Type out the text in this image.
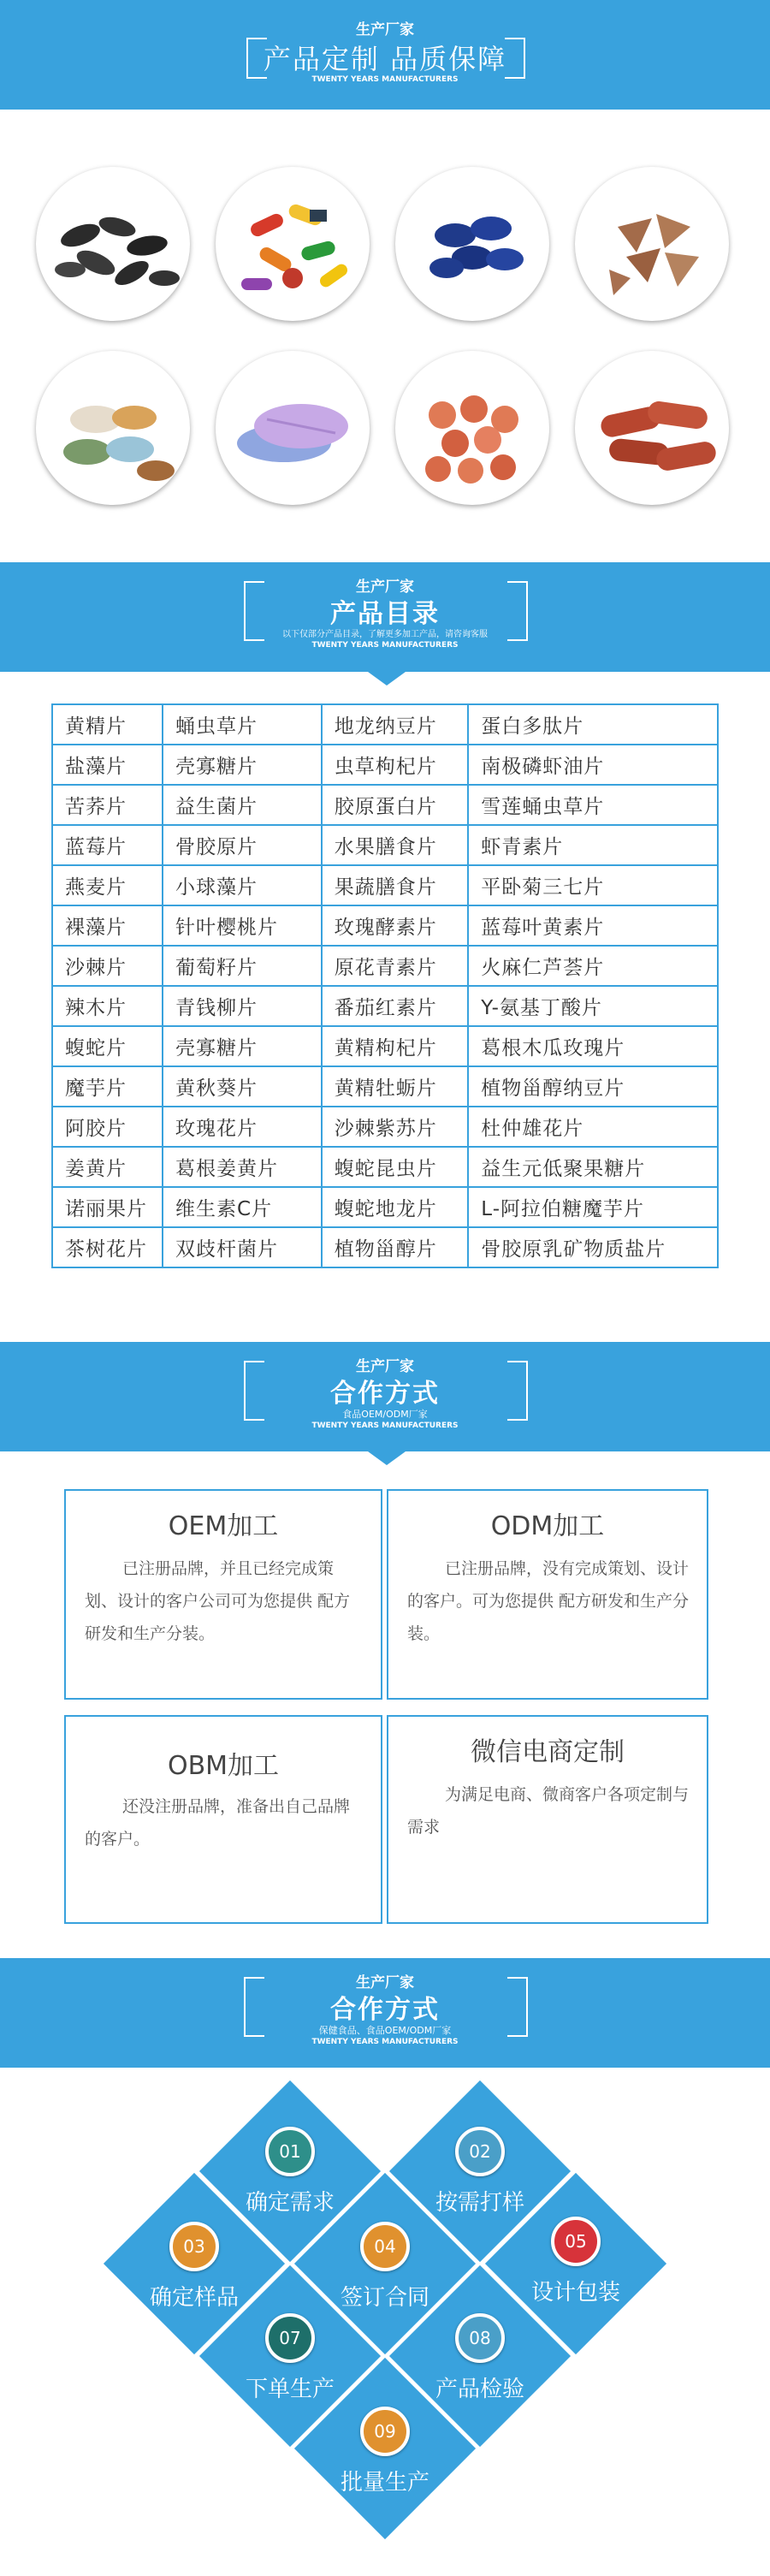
生产厂家
产品定制 品质保障
TWENTY YEARS MANUFACTURERS
生产厂家
产品目录
以下仅部分产品目录，了解更多加工产品，请咨询客服
TWENTY YEARS MANUFACTURERS
黄精片	蛹虫草片	地龙纳豆片	蛋白多肽片
盐藻片	壳寡糖片	虫草枸杞片	南极磷虾油片
苦荞片	益生菌片	胶原蛋白片	雪莲蛹虫草片
蓝莓片	骨胶原片	水果膳食片	虾青素片
燕麦片	小球藻片	果蔬膳食片	平卧菊三七片
裸藻片	针叶樱桃片	玫瑰酵素片	蓝莓叶黄素片
沙棘片	葡萄籽片	原花青素片	火麻仁芦荟片
辣木片	青钱柳片	番茄红素片	Y-氨基丁酸片
蝮蛇片	壳寡糖片	黄精枸杞片	葛根木瓜玫瑰片
魔芋片	黄秋葵片	黄精牡蛎片	植物甾醇纳豆片
阿胶片	玫瑰花片	沙棘紫苏片	杜仲雄花片
姜黄片	葛根姜黄片	蝮蛇昆虫片	益生元低聚果糖片
诺丽果片	维生素C片	蝮蛇地龙片	L-阿拉伯糖魔芋片
茶树花片	双歧杆菌片	植物甾醇片	骨胶原乳矿物质盐片
生产厂家
合作方式
食品OEM/ODM厂家
TWENTY YEARS MANUFACTURERS
OEM加工

已注册品牌，并且已经完成策划、设计的客户公司可为您提供 配方研发和生产分装。

ODM加工

已注册品牌，没有完成策划、设计的客户。可为您提供 配方研发和生产分装。

OBM加工

还没注册品牌，准备出自己品牌的客户。

微信电商定制

为满足电商、微商客户各项定制与需求

生产厂家
合作方式
保健食品、食品OEM/ODM厂家
TWENTY YEARS MANUFACTURERS
01
确定需求
02
按需打样
03
确定样品
04
签订合同
05
设计包装
07
下单生产
08
产品检验
09
批量生产
